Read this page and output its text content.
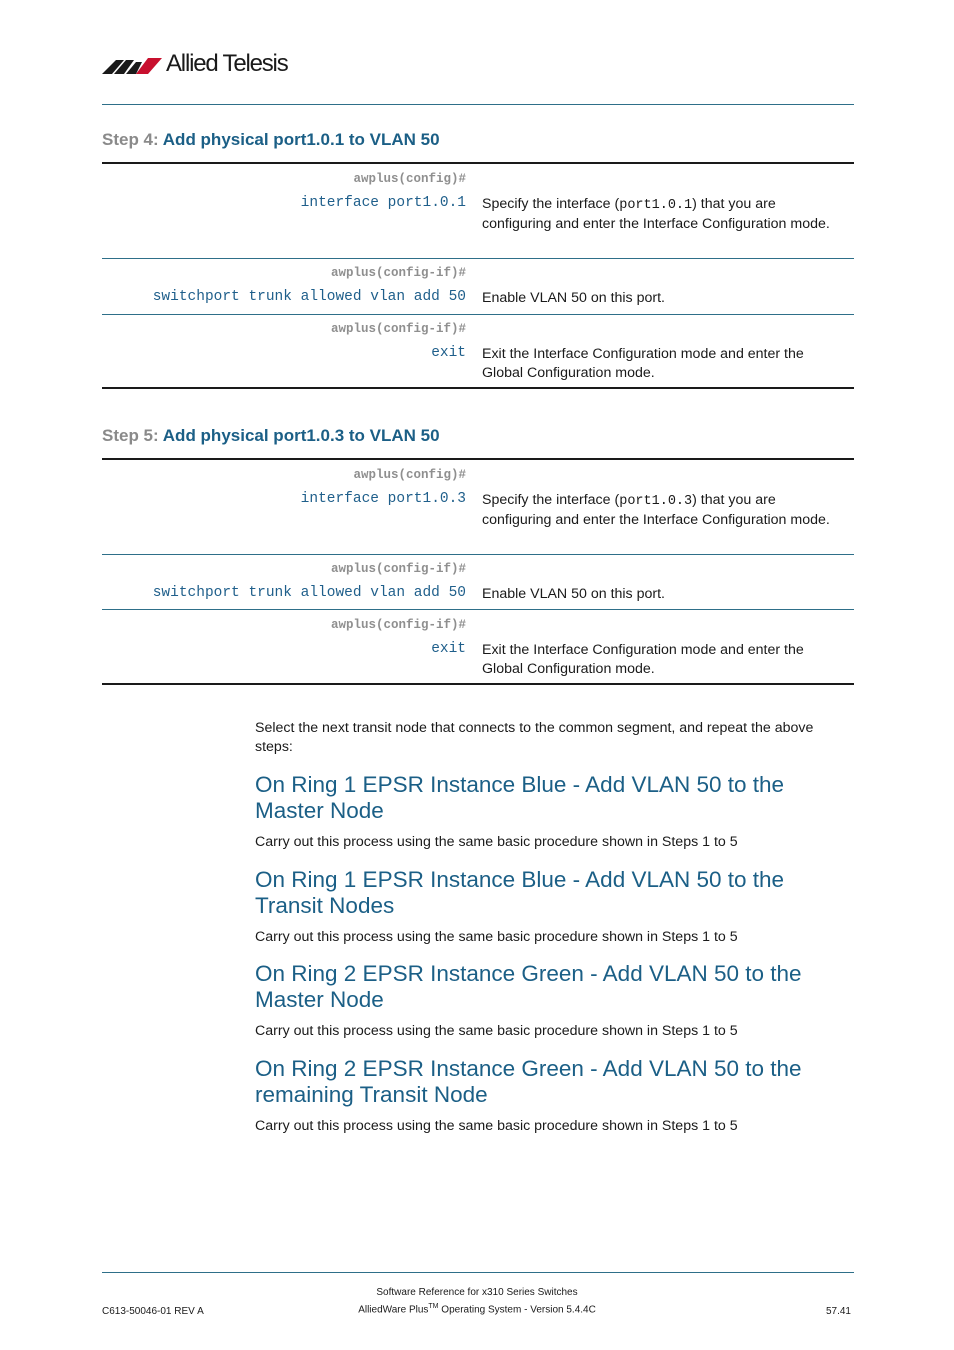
Allied Telesis
Step 4: Add physical port1.0.1 to VLAN 50
awplus(config)#
interface port1.0.1 Specify the interface (port1.0.1) that you are configuring and enter the Interface Configuration mode.
awplus(config-if)#
switchport trunk allowed vlan add 50 Enable VLAN 50 on this port.
awplus(config-if)#
exit Exit the Interface Configuration mode and enter the Global Configuration mode.
Step 5: Add physical port1.0.3 to VLAN 50
awplus(config)#
interface port1.0.3 Specify the interface (port1.0.3) that you are configuring and enter the Interface Configuration mode.
awplus(config-if)#
switchport trunk allowed vlan add 50 Enable VLAN 50 on this port.
awplus(config-if)#
exit Exit the Interface Configuration mode and enter the Global Configuration mode.
Select the next transit node that connects to the common segment, and repeat the above steps:
On Ring 1 EPSR Instance Blue - Add VLAN 50 to the Master Node
Carry out this process using the same basic procedure shown in Steps 1 to 5
On Ring 1 EPSR Instance Blue - Add VLAN 50 to the Transit Nodes
Carry out this process using the same basic procedure shown in Steps 1 to 5
On Ring 2 EPSR Instance Green - Add VLAN 50 to the Master Node
Carry out this process using the same basic procedure shown in Steps 1 to 5
On Ring 2 EPSR Instance Green - Add VLAN 50 to the remaining Transit Node
Carry out this process using the same basic procedure shown in Steps 1 to 5
Software Reference for x310 Series Switches
C613-50046-01 REV A	AlliedWare Plus™ Operating System - Version 5.4.4C	57.41
